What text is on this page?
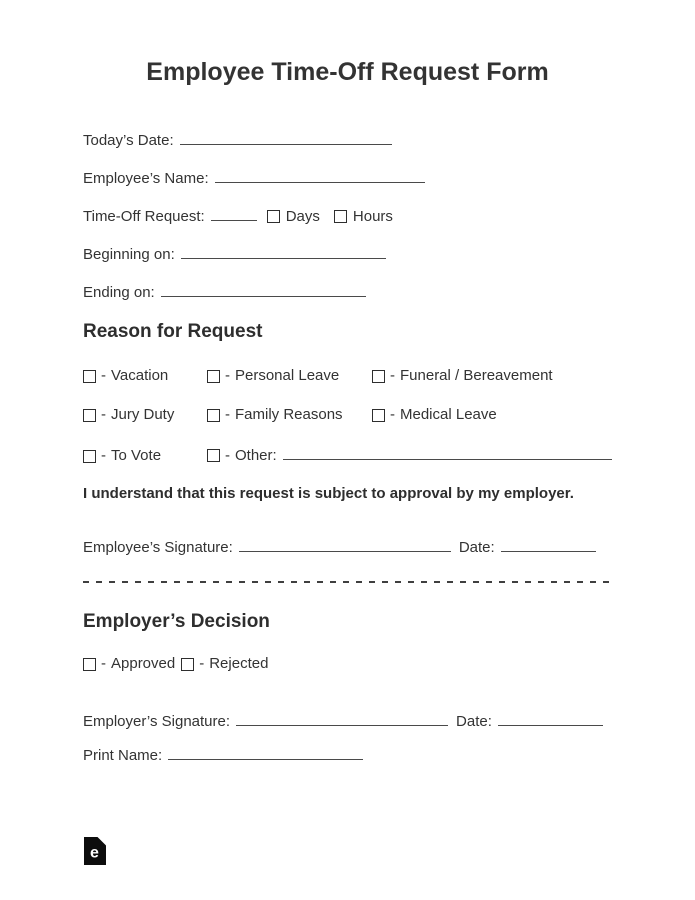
Employee Time-Off Request Form
Today’s Date:
Employee’s Name:
Time-Off Request:	Days Hours
Beginning on:
Ending on:
Reason for Request
- Vacation	- Personal Leave	- Funeral / Bereavement
- Jury Duty	- Family Reasons	- Medical Leave
- To Vote	- Other:

I understand that this request is subject to approval by my employer.

Employee’s Signature:	Date:
Employer’s Decision
- Approved - Rejected
Employer’s Signature:	Date:
Print Name:
e
